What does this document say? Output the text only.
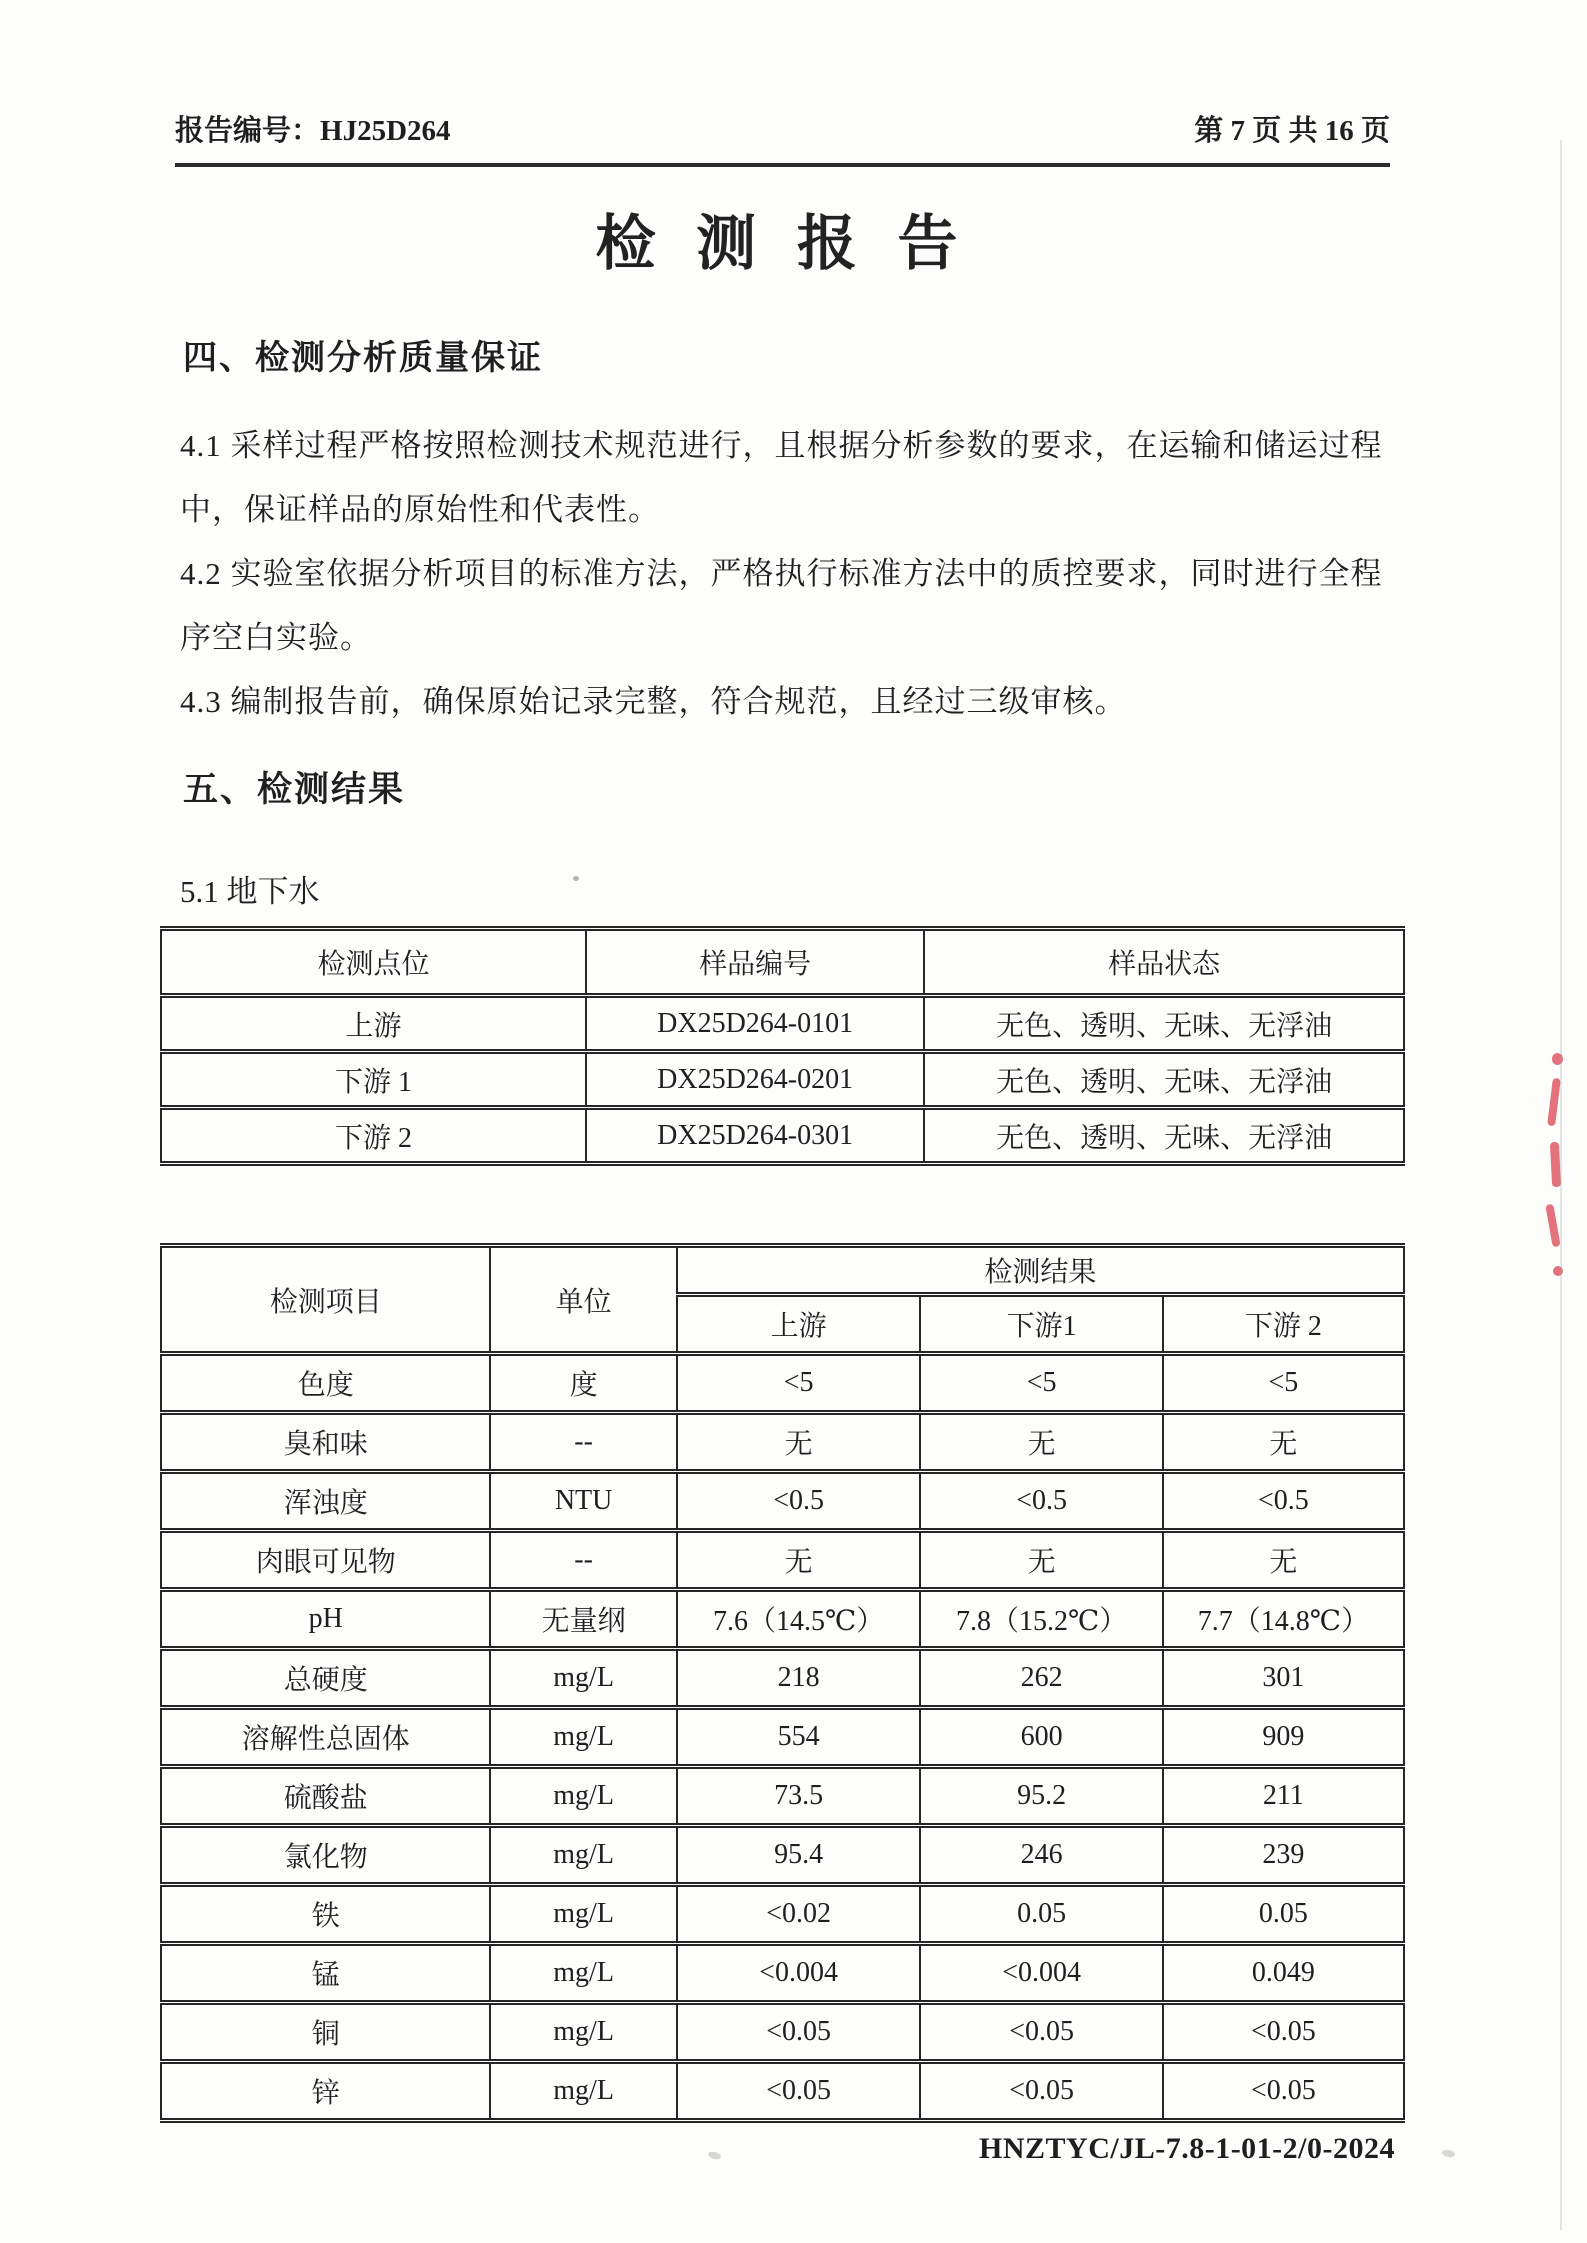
报告编号：HJ25D264	第 7 页 共 16 页
检 测 报 告
四、检测分析质量保证
4.1 采样过程严格按照检测技术规范进行，且根据分析参数的要求，在运输和储运过程
中，保证样品的原始性和代表性。
4.2 实验室依据分析项目的标准方法，严格执行标准方法中的质控要求，同时进行全程
序空白实验。
4.3 编制报告前，确保原始记录完整，符合规范，且经过三级审核。
五、检测结果
5.1 地下水
检测点位	样品编号	样品状态
上游	DX25D264-0101	无色、透明、无味、无浮油
下游 1	DX25D264-0201	无色、透明、无味、无浮油
下游 2	DX25D264-0301	无色、透明、无味、无浮油
检测项目	单位	检测结果		
		上游	下游1	下游 2
色度	度	<5	<5	<5
臭和味	--	无	无	无
浑浊度	NTU	<0.5	<0.5	<0.5
肉眼可见物	--	无	无	无
pH	无量纲	7.6（14.5℃）	7.8（15.2℃）	7.7（14.8℃）
总硬度	mg/L	218	262	301
溶解性总固体	mg/L	554	600	909
硫酸盐	mg/L	73.5	95.2	211
氯化物	mg/L	95.4	246	239
铁	mg/L	<0.02	0.05	0.05
锰	mg/L	<0.004	<0.004	0.049
铜	mg/L	<0.05	<0.05	<0.05
锌	mg/L	<0.05	<0.05	<0.05
HNZTYC/JL-7.8-1-01-2/0-2024
